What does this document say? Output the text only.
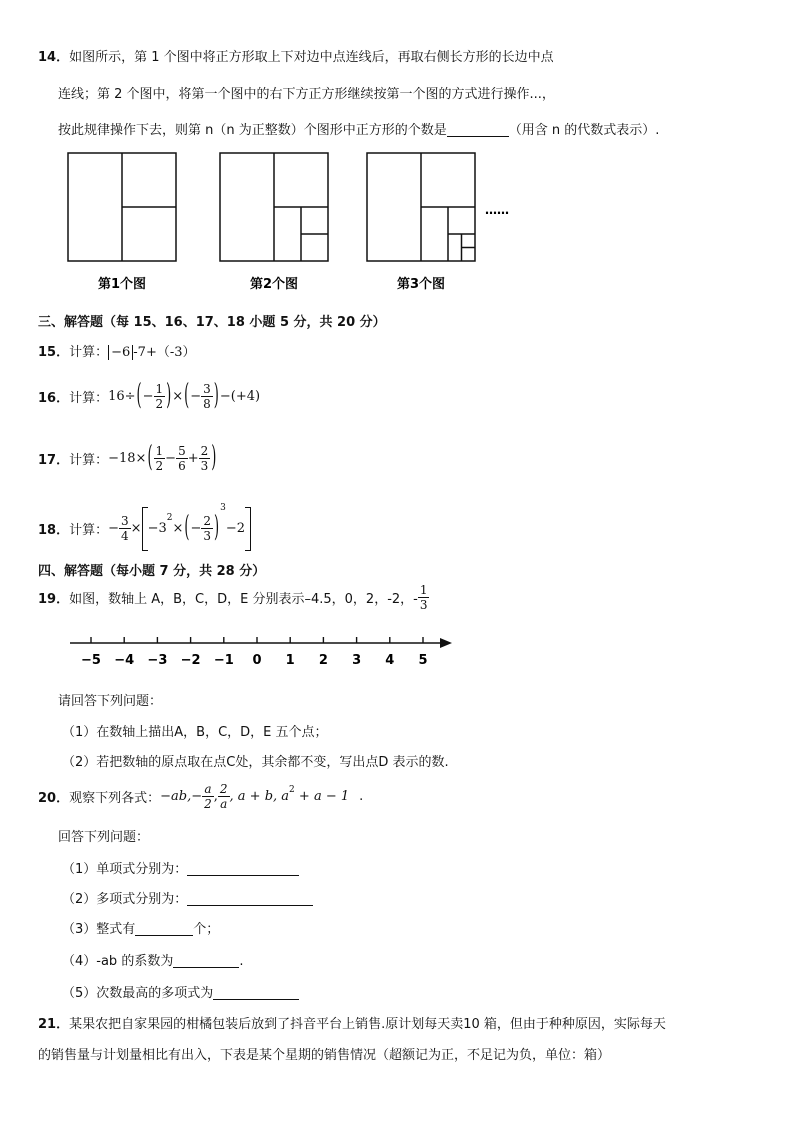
14．如图所示，第 1 个图中将正方形取上下对边中点连线后，再取右侧长方形的长边中点
连线；第 2 个图中，将第一个图中的右下方正方形继续按第一个图的方式进行操作...，
按此规律操作下去，则第 n（n 为正整数）个图形中正方形的个数是	（用含 n 的代数式表示）.
……
第1个图	第2个图	第3个图
三、解答题（每 15、16、17、18 小题 5 分，共 20 分）
15．计算： −6 -7+（-3）
16．计算：$16\div(- \frac{1}{2}$ )×(− $\frac{3}{8} )-(+4)$
17．计算：$-18\times( \frac{1}{2} - \frac{5}{6} + \frac{2}{3}$ )
18．计算：− $\frac{3}{4} \times -3^2\times(- \frac{2}{3} )^3-2$
四、解答题（每小题 7 分，共 28 分）
19．如图，数轴上 A，B，C，D，E 分别表示–4.5，0，2，-2，- $\frac{1}{3}$
−5 −4 −3 −2 −1 0 1 2 3 4 5
请回答下列问题：
（1）在数轴上描出A，B，C，D，E 五个点；
（2）若把数轴的原点取在点C处，其余都不变，写出点D 表示的数.
20．观察下列各式：$-ab,- \frac{a}{2}$ , $\frac{2}{a}$ , a + b, $a^2 + a - 1$ .
回答下列问题：
（1）单项式分别为：
（2）多项式分别为：
（3）整式有	个；
（4）-ab 的系数为	.
（5）次数最高的多项式为
21．某果农把自家果园的柑橘包装后放到了抖音平台上销售.原计划每天卖10 箱，但由于种种原因，实际每天
的销售量与计划量相比有出入，下表是某个星期的销售情况（超额记为正，不足记为负，单位：箱）
